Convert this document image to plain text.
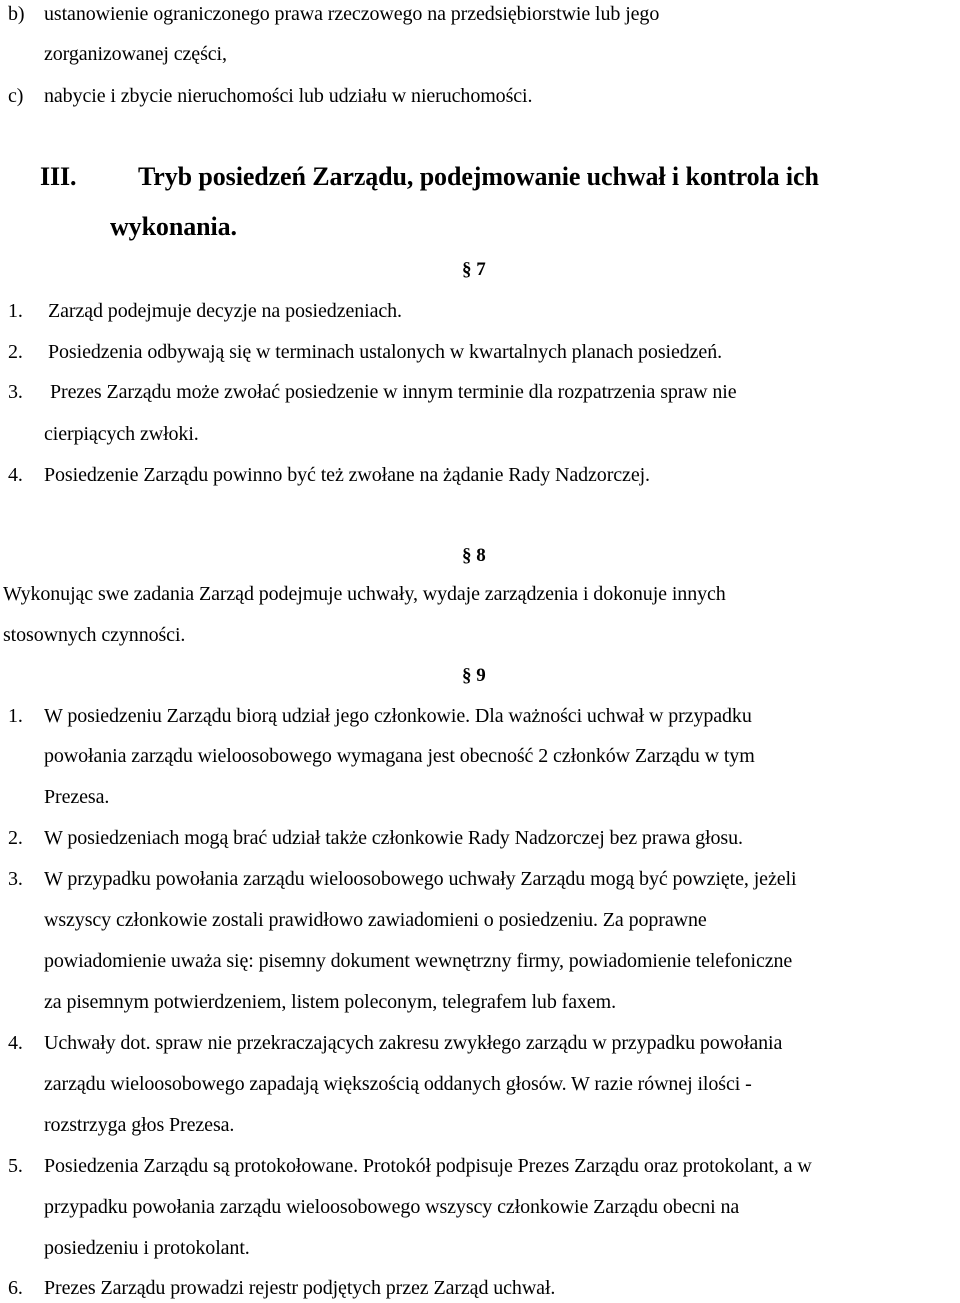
b) ustanowienie ograniczonego prawa rzeczowego na przedsiębiorstwie lub jego
zorganizowanej części,
c) nabycie i zbycie nieruchomości lub udziału w nieruchomości.
III. Tryb posiedzeń Zarządu, podejmowanie uchwał i kontrola ich
wykonania.
§ 7
1. Zarząd podejmuje decyzje na posiedzeniach.
2. Posiedzenia odbywają się w terminach ustalonych w kwartalnych planach posiedzeń.
3. Prezes Zarządu może zwołać posiedzenie w innym terminie dla rozpatrzenia spraw nie
cierpiących zwłoki.
4. Posiedzenie Zarządu powinno być też zwołane na żądanie Rady Nadzorczej.
§ 8
Wykonując swe zadania Zarząd podejmuje uchwały, wydaje zarządzenia i dokonuje innych
stosownych czynności.
§ 9
1. W posiedzeniu Zarządu biorą udział jego członkowie. Dla ważności uchwał w przypadku
powołania zarządu wieloosobowego wymagana jest obecność 2 członków Zarządu w tym
Prezesa.
2. W posiedzeniach mogą brać udział także członkowie Rady Nadzorczej bez prawa głosu.
3. W przypadku powołania zarządu wieloosobowego uchwały Zarządu mogą być powzięte, jeżeli
wszyscy członkowie zostali prawidłowo zawiadomieni o posiedzeniu. Za poprawne
powiadomienie uważa się: pisemny dokument wewnętrzny firmy, powiadomienie telefoniczne
za pisemnym potwierdzeniem, listem poleconym, telegrafem lub faxem.
4. Uchwały dot. spraw nie przekraczających zakresu zwykłego zarządu w przypadku powołania
zarządu wieloosobowego zapadają większością oddanych głosów. W razie równej ilości -
rozstrzyga głos Prezesa.
5. Posiedzenia Zarządu są protokołowane. Protokół podpisuje Prezes Zarządu oraz protokolant, a w
przypadku powołania zarządu wieloosobowego wszyscy członkowie Zarządu obecni na
posiedzeniu i protokolant.
6. Prezes Zarządu prowadzi rejestr podjętych przez Zarząd uchwał.
